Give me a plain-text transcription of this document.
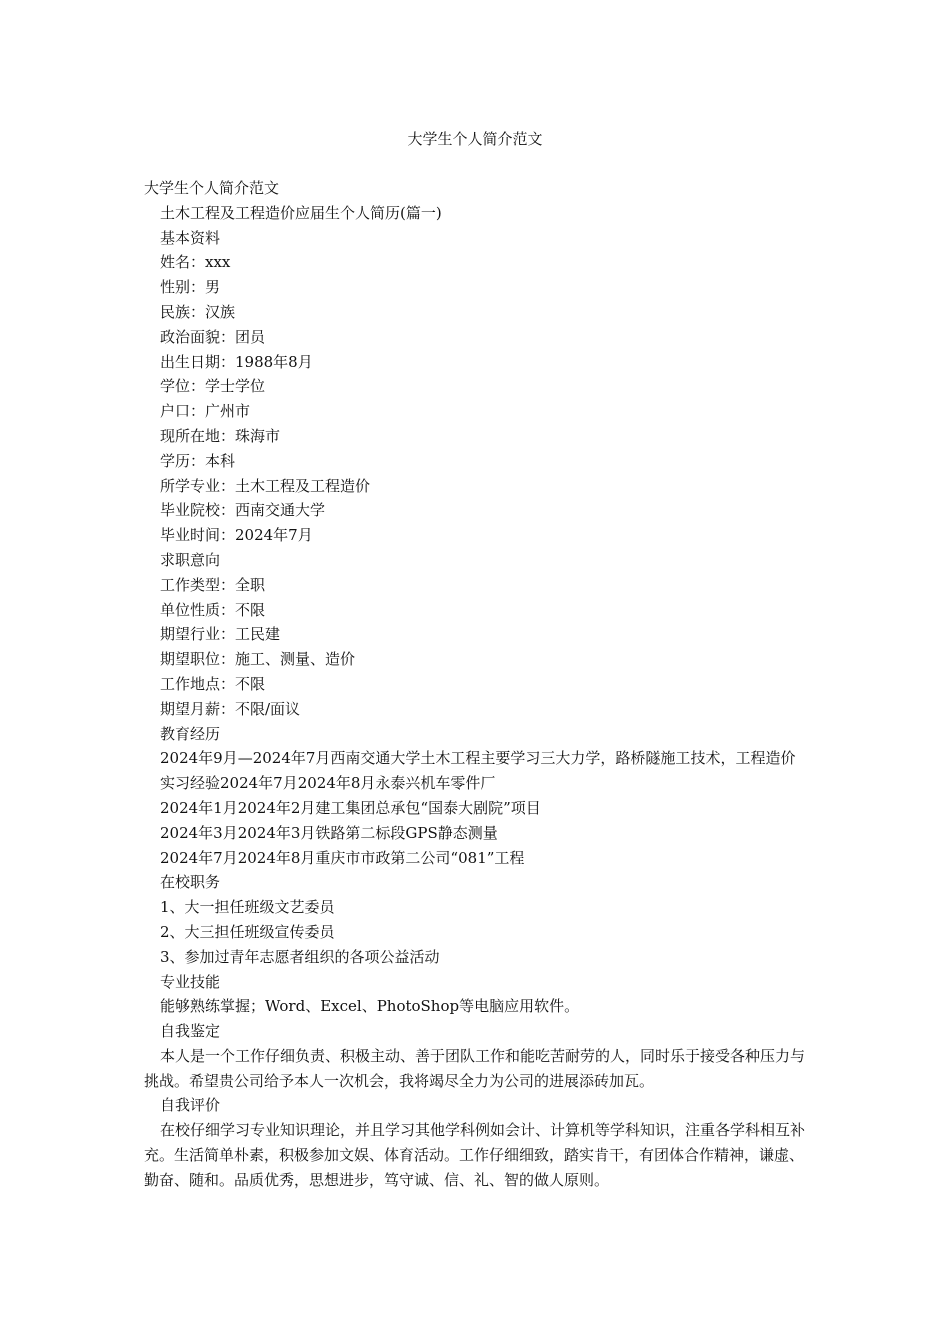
大学生个人简介范文
大学生个人简介范文
土木工程及工程造价应届生个人简历(篇一)
基本资料
姓名：xxx
性别：男
民族：汉族
政治面貌：团员
出生日期：1988年8月
学位：学士学位
户口：广州市
现所在地：珠海市
学历：本科
所学专业：土木工程及工程造价
毕业院校：西南交通大学
毕业时间：2024年7月
求职意向
工作类型：全职
单位性质：不限
期望行业：工民建
期望职位：施工、测量、造价
工作地点：不限
期望月薪：不限/面议
教育经历
2024年9月—2024年7月西南交通大学土木工程主要学习三大力学，路桥隧施工技术，工程造价
实习经验2024年7月2024年8月永泰兴机车零件厂
2024年1月2024年2月建工集团总承包“国泰大剧院”项目
2024年3月2024年3月铁路第二标段GPS静态测量
2024年7月2024年8月重庆市市政第二公司“081”工程
在校职务
1、大一担任班级文艺委员
2、大三担任班级宣传委员
3、参加过青年志愿者组织的各项公益活动
专业技能
能够熟练掌握；Word、Excel、PhotoShop等电脑应用软件。
自我鉴定
本人是一个工作仔细负责、积极主动、善于团队工作和能吃苦耐劳的人，同时乐于接受各种压力与挑战。希望贵公司给予本人一次机会，我将竭尽全力为公司的进展添砖加瓦。
自我评价
在校仔细学习专业知识理论，并且学习其他学科例如会计、计算机等学科知识，注重各学科相互补充。生活简单朴素，积极参加文娱、体育活动。工作仔细细致，踏实肯干，有团体合作精神，谦虚、勤奋、随和。品质优秀，思想进步，笃守诚、信、礼、智的做人原则。
